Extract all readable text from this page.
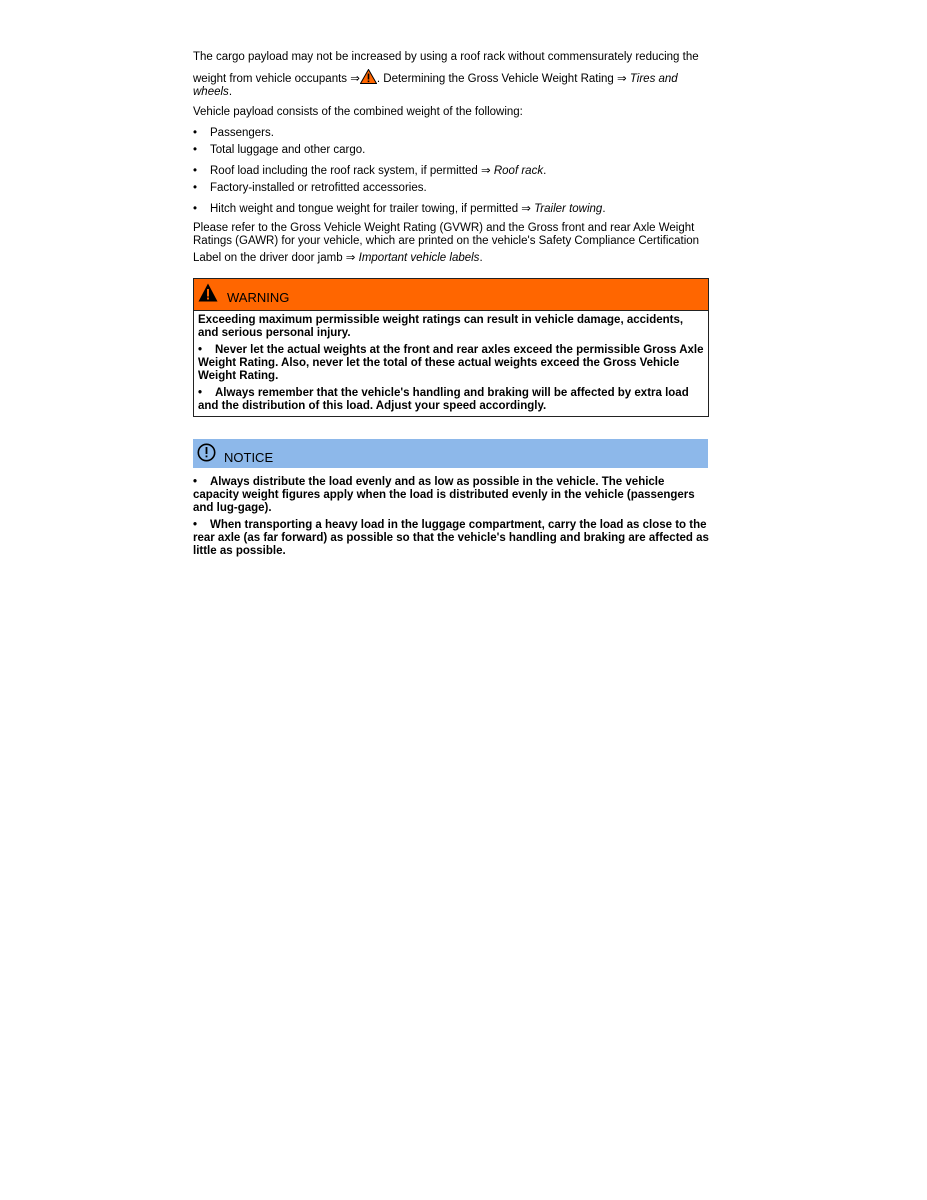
The cargo payload may not be increased by using a roof rack without commensurately reducing the
weight from vehicle occupants ⇒ . Determining the Gross Vehicle Weight Rating ⇒ Tires and wheels.

Vehicle payload consists of the combined weight of the following:

• Passengers.
• Total luggage and other cargo.
• Roof load including the roof rack system, if permitted ⇒ Roof rack.
• Factory-installed or retrofitted accessories.
• Hitch weight and tongue weight for trailer towing, if permitted ⇒ Trailer towing.

Please refer to the Gross Vehicle Weight Rating (GVWR) and the Gross front and rear Axle Weight
Ratings (GAWR) for your vehicle, which are printed on the vehicle's Safety Compliance Certification
Label on the driver door jamb ⇒ Important vehicle labels.

WARNING

Exceeding maximum permissible weight ratings can result in vehicle damage, accidents, and serious personal injury.

• Never let the actual weights at the front and rear axles exceed the permissible Gross Axle Weight Rating. Also, never let the total of these actual weights exceed the Gross Vehicle Weight Rating.

• Always remember that the vehicle's handling and braking will be affected by extra load and the distribution of this load. Adjust your speed accordingly.

NOTICE

• Always distribute the load evenly and as low as possible in the vehicle. The vehicle capacity weight figures apply when the load is distributed evenly in the vehicle (passengers and lug-gage).

• When transporting a heavy load in the luggage compartment, carry the load as close to the rear axle (as far forward) as possible so that the vehicle's handling and braking are affected as little as possible.
